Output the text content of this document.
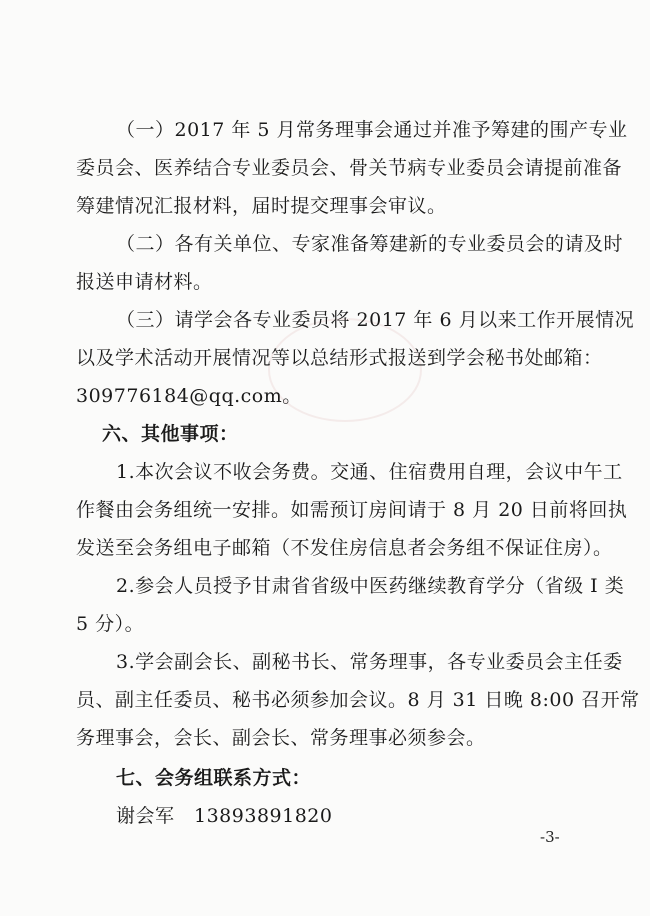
（一）2017 年 5 月常务理事会通过并准予筹建的围产专业
委员会、医养结合专业委员会、骨关节病专业委员会请提前准备
筹建情况汇报材料，届时提交理事会审议。
（二）各有关单位、专家准备筹建新的专业委员会的请及时
报送申请材料。
（三）请学会各专业委员将 2017 年 6 月以来工作开展情况
以及学术活动开展情况等以总结形式报送到学会秘书处邮箱：
309776184@qq.com。
六、其他事项：
1.本次会议不收会务费。交通、住宿费用自理，会议中午工
作餐由会务组统一安排。如需预订房间请于 8 月 20 日前将回执
发送至会务组电子邮箱（不发住房信息者会务组不保证住房）。
2.参会人员授予甘肃省省级中医药继续教育学分（省级 Ⅰ 类
5 分）。
3.学会副会长、副秘书长、常务理事，各专业委员会主任委
员、副主任委员、秘书必须参加会议。8 月 31 日晚 8:00 召开常
务理事会，会长、副会长、常务理事必须参会。
七、会务组联系方式：
谢会军　13893891820
-3-
